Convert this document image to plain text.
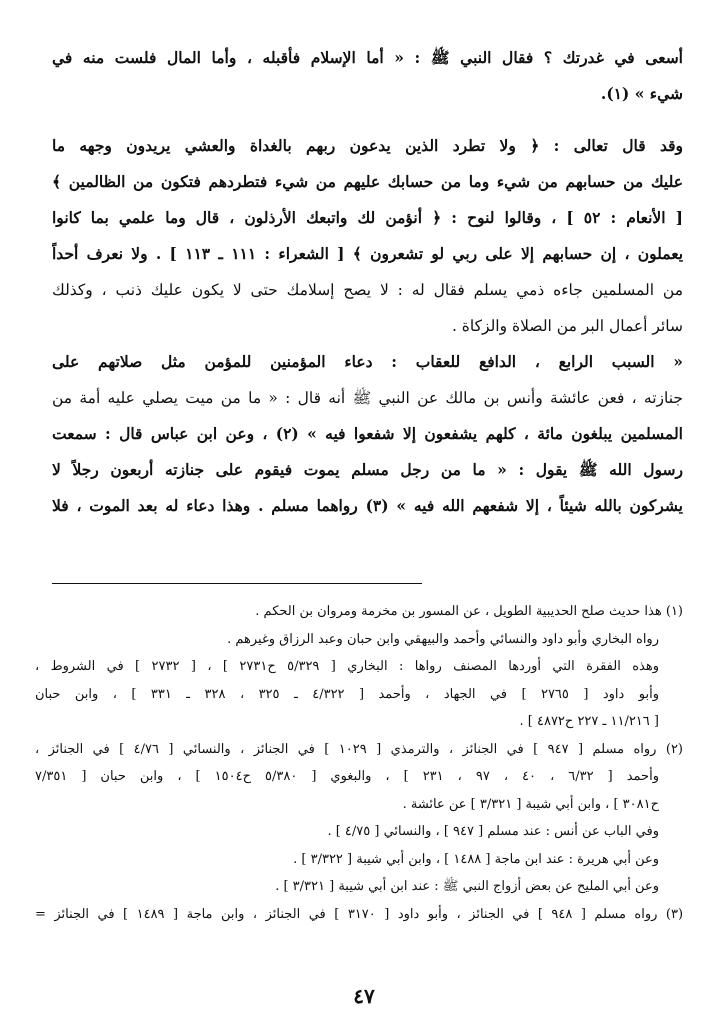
أسعى في غدرتك ؟ فقال النبي ﷺ : « أما الإسلام فأقبله ، وأما المال فلست منه في
شيء » (١).
وقد قال تعالى : ﴿ ولا تطرد الذين يدعون ربهم بالغداة والعشي يريدون وجهه ما
عليك من حسابهم من شيء وما من حسابك عليهم من شيء فتطردهم فتكون من الظالمين ﴾
[ الأنعام : ٥٢ ] ، وقالوا لنوح : ﴿ أنؤمن لك واتبعك الأرذلون ، قال وما علمي بما كانوا
يعملون ، إن حسابهم إلا على ربي لو تشعرون ﴾ [ الشعراء : ١١١ ـ ١١٣ ] . ولا نعرف أحداً
من المسلمين جاءه ذمي يسلم فقال له : لا يصح إسلامك حتى لا يكون عليك ذنب ، وكذلك
سائر أعمال البر من الصلاة والزكاة .
« السبب الرابع ، الدافع للعقاب : دعاء المؤمنين للمؤمن مثل صلاتهم على
جنازته ، فعن عائشة وأنس بن مالك عن النبي ﷺ أنه قال : « ما من ميت يصلي عليه أمة من
المسلمين يبلغون مائة ، كلهم يشفعون إلا شفعوا فيه » (٢) ، وعن ابن عباس قال : سمعت
رسول الله ﷺ يقول : « ما من رجل مسلم يموت فيقوم على جنازته أربعون رجلاً لا
يشركون بالله شيئاً ، إلا شفعهم الله فيه » (٣) رواهما مسلم . وهذا دعاء له بعد الموت ، فلا
(١) هذا حديث صلح الحديبية الطويل ، عن المسور بن مخرمة ومروان بن الحكم .
رواه البخاري وأبو داود والنسائي وأحمد والبيهقي وابن حبان وعبد الرزاق وغيرهم .
وهذه الفقرة التي أوردها المصنف رواها : البخاري [ ٥/٣٢٩ ح٢٧٣١ ] ، [ ٢٧٣٢ ] في الشروط ،
وأبو داود [ ٢٧٦٥ ] في الجهاد ، وأحمد [ ٤/٣٢٢ ـ ٣٢٥ ، ٣٢٨ ـ ٣٣١ ] ، وابن حبان
[ ١١/٢١٦ ـ ٢٢٧ ح٤٨٧٢ ] .
(٢) رواه مسلم [ ٩٤٧ ] في الجنائز ، والترمذي [ ١٠٢٩ ] في الجنائز ، والنسائي [ ٤/٧٦ ] في الجنائز ،
وأحمد [ ٦/٣٢ ، ٤٠ ، ٩٧ ، ٢٣١ ] ، والبغوي [ ٥/٣٨٠ ح١٥٠٤ ] ، وابن حبان [ ٧/٣٥١
ح٣٠٨١ ] ، وابن أبي شيبة [ ٣/٣٢١ ] عن عائشة .
وفي الباب عن أنس : عند مسلم [ ٩٤٧ ] ، والنسائي [ ٤/٧٥ ] .
وعن أبي هريرة : عند ابن ماجة [ ١٤٨٨ ] ، وابن أبي شيبة [ ٣/٣٢٢ ] .
وعن أبي المليح عن بعض أزواج النبي ﷺ : عند ابن أبي شيبة [ ٣/٣٢١ ] .
(٣) رواه مسلم [ ٩٤٨ ] في الجنائز ، وأبو داود [ ٣١٧٠ ] في الجنائز ، وابن ماجة [ ١٤٨٩ ] في الجنائز =
٤٧
